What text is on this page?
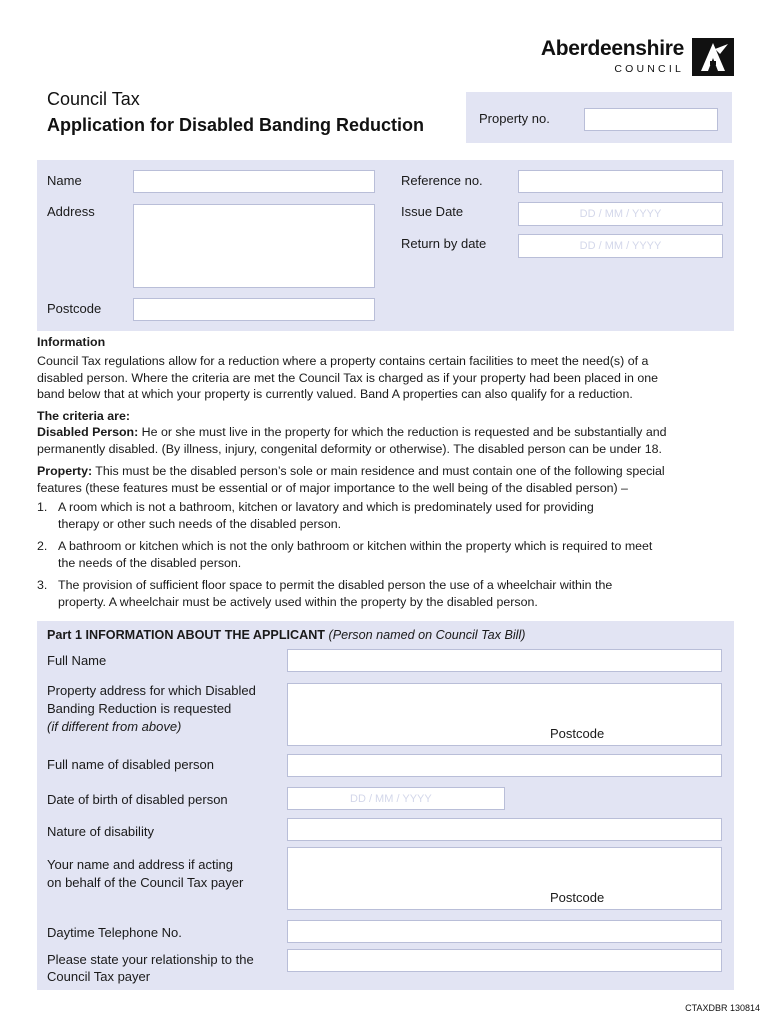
Aberdeenshire
COUNCIL
Council Tax
Application for Disabled Banding Reduction	Property no.
Name
Address
Postcode
Reference no.
Issue Date	DD / MM / YYYY
Return by date	DD / MM / YYYY
Information
Council Tax regulations allow for a reduction where a property contains certain facilities to meet the need(s) of a
disabled person. Where the criteria are met the Council Tax is charged as if your property had been placed in one
band below that at which your property is currently valued. Band A properties can also qualify for a reduction.
The criteria are:
Disabled Person: He or she must live in the property for which the reduction is requested and be substantially and
permanently disabled. (By illness, injury, congenital deformity or otherwise). The disabled person can be under 18.
Property: This must be the disabled person’s sole or main residence and must contain one of the following special
features (these features must be essential or of major importance to the well being of the disabled person) –
1. A room which is not a bathroom, kitchen or lavatory and which is predominately used for providing
therapy or other such needs of the disabled person.
2. A bathroom or kitchen which is not the only bathroom or kitchen within the property which is required to meet
the needs of the disabled person.
3. The provision of sufficient floor space to permit the disabled person the use of a wheelchair within the
property. A wheelchair must be actively used within the property by the disabled person.
Part 1 INFORMATION ABOUT THE APPLICANT (Person named on Council Tax Bill)
Full Name
Property address for which Disabled
Banding Reduction is requested
(if different from above)	Postcode
Full name of disabled person
Date of birth of disabled person	DD / MM / YYYY
Nature of disability
Your name and address if acting
on behalf of the Council Tax payer
Postcode
Daytime Telephone No.
Please state your relationship to the
Council Tax payer
CTAXDBR 130814
